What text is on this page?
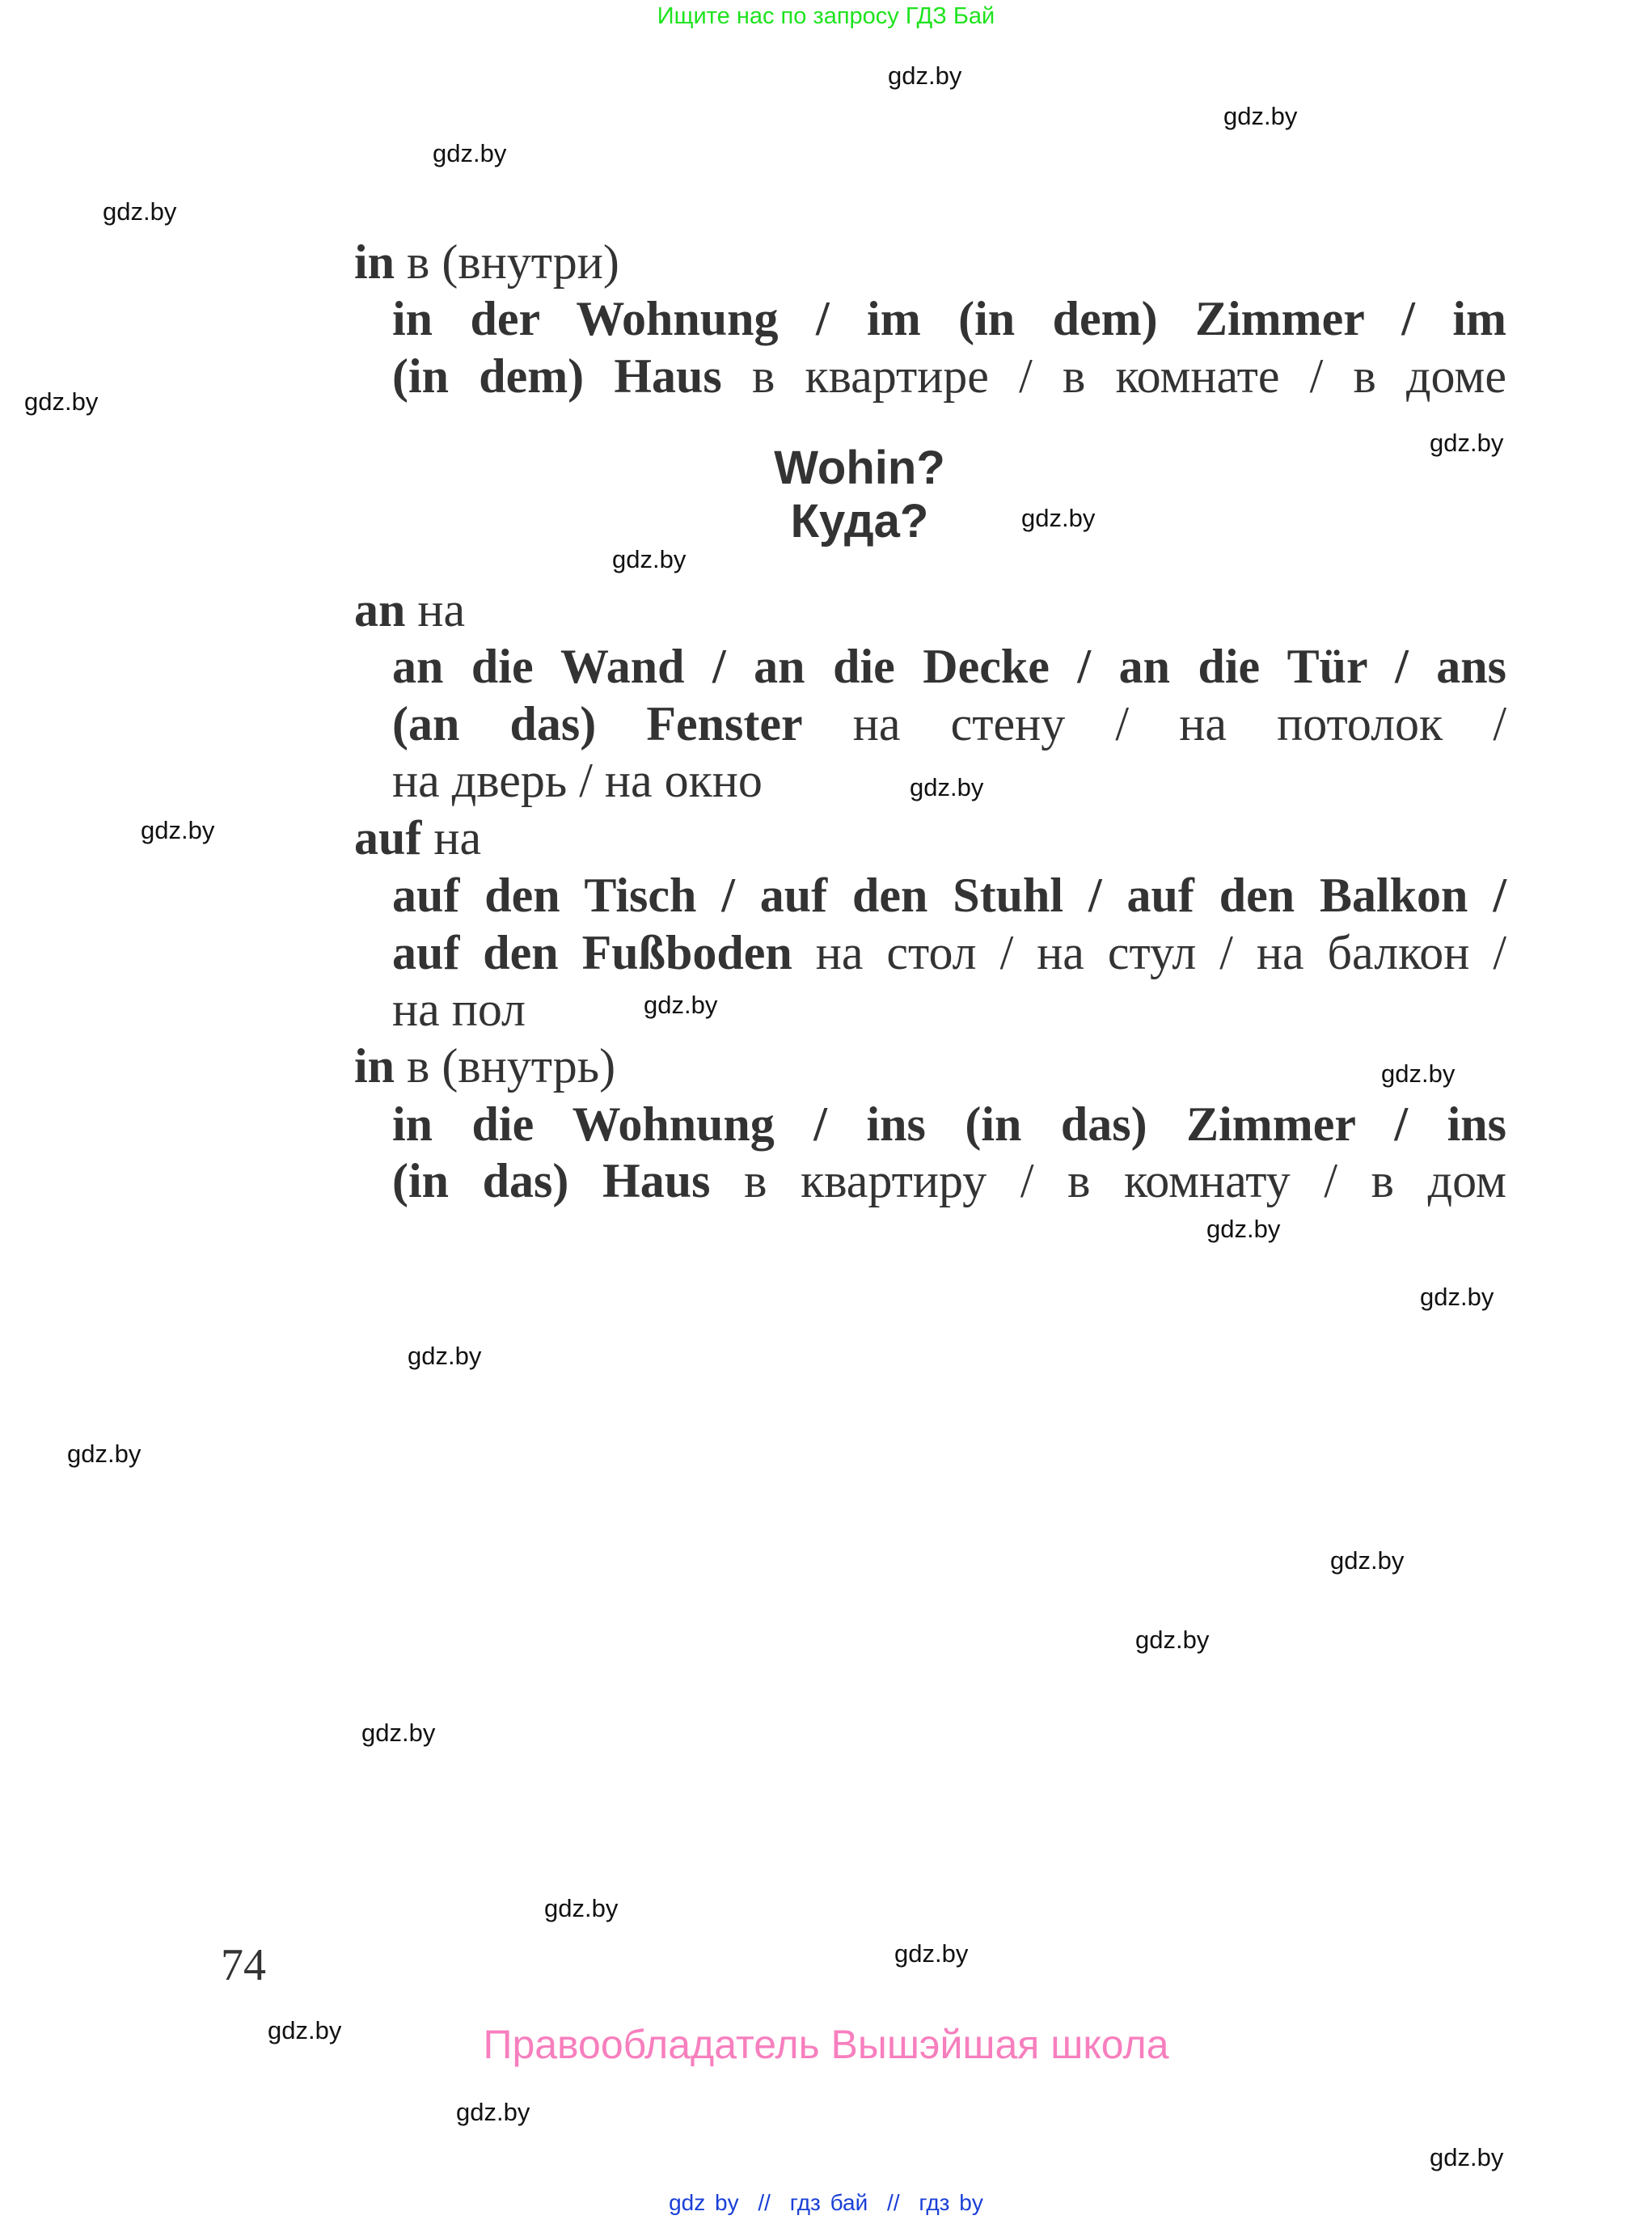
Ищите нас по запросу ГДЗ Бай
gdz.by
gdz.by
gdz.by
gdz.by
gdz.by
gdz.by
gdz.by
gdz.by
gdz.by
gdz.by
gdz.by
gdz.by
gdz.by
gdz.by
gdz.by
gdz.by
gdz.by
gdz.by
gdz.by
gdz.by
gdz.by
gdz.by
gdz.by
gdz.by
in в (внутри)
in der Wohnung / im (in dem) Zimmer / im
(in dem) Haus в квартире / в комнате / в доме
Wohin?
Куда?
an на
an die Wand / an die Decke / an die Tür / ans
(an das) Fenster на стену / на потолок /
на дверь / на окно
auf на
auf den Tisch / auf den Stuhl / auf den Balkon /
auf den Fußboden на стол / на стул / на балкон /
на пол
in в (внутрь)
in die Wohnung / ins (in das) Zimmer / ins
(in das) Haus в квартиру / в комнату / в дом
74
Правообладатель Вышэйшая школа
gdz by // гдз бай // гдз by
